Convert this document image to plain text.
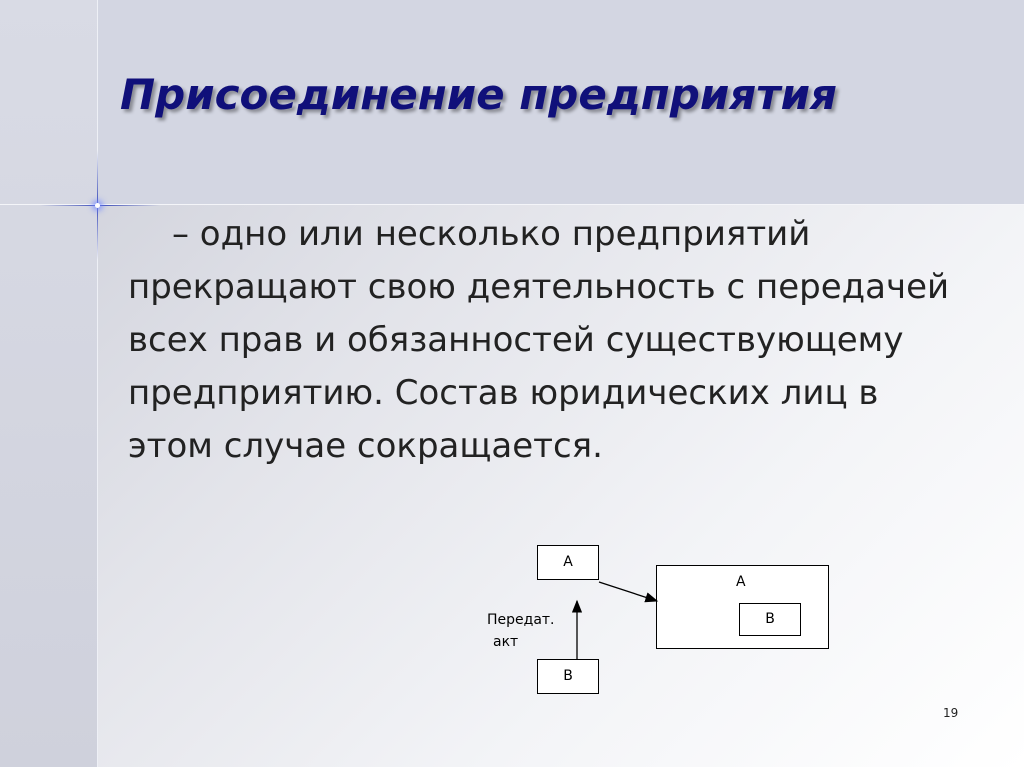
Присоединение предприятия
– одно или несколько предприятий прекращают свою деятельность с передачей всех прав и обязанностей существующему предприятию. Состав юридических лиц в этом случае сокращается.
А
В
А
В
Передат.
акт
19
